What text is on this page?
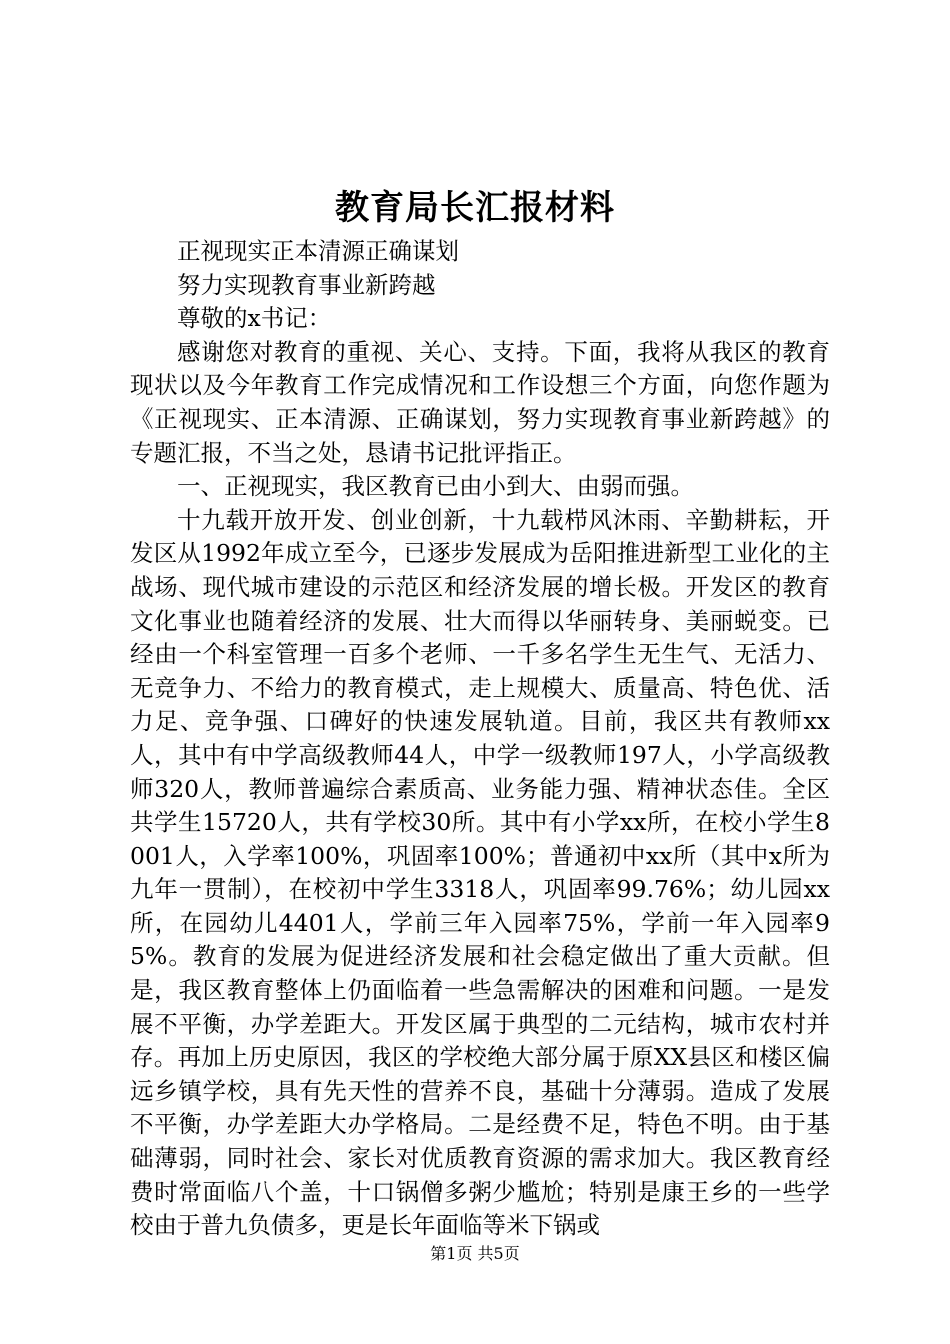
教育局长汇报材料

正视现实正本清源正确谋划

努力实现教育事业新跨越

尊敬的x书记：

感谢您对教育的重视、关心、支持。下面，我将从我区的教育现状以及今年教育工作完成情况和工作设想三个方面，向您作题为《正视现实、正本清源、正确谋划，努力实现教育事业新跨越》的专题汇报，不当之处，恳请书记批评指正。

一、正视现实，我区教育已由小到大、由弱而强。

十九载开放开发、创业创新，十九载栉风沐雨、辛勤耕耘，开发区从1992年成立至今，已逐步发展成为岳阳推进新型工业化的主战场、现代城市建设的示范区和经济发展的增长极。开发区的教育文化事业也随着经济的发展、壮大而得以华丽转身、美丽蜕变。已经由一个科室管理一百多个老师、一千多名学生无生气、无活力、无竞争力、不给力的教育模式，走上规模大、质量高、特色优、活力足、竞争强、口碑好的快速发展轨道。目前，我区共有教师xx人，其中有中学高级教师44人，中学一级教师197人，小学高级教师320人，教师普遍综合素质高、业务能力强、精神状态佳。全区共学生15720人，共有学校30所。其中有小学xx所，在校小学生8001人，入学率100%，巩固率100%；普通初中xx所（其中x所为九年一贯制），在校初中学生3318人，巩固率99.76%；幼儿园xx所，在园幼儿4401人，学前三年入园率75%，学前一年入园率95%。教育的发展为促进经济发展和社会稳定做出了重大贡献。但是，我区教育整体上仍面临着一些急需解决的困难和问题。一是发展不平衡，办学差距大。开发区属于典型的二元结构，城市农村并存。再加上历史原因，我区的学校绝大部分属于原XX县区和楼区偏远乡镇学校，具有先天性的营养不良，基础十分薄弱。造成了发展不平衡，办学差距大办学格局。二是经费不足，特色不明。由于基础薄弱，同时社会、家长对优质教育资源的需求加大。我区教育经费时常面临八个盖，十口锅僧多粥少尴尬；特别是康王乡的一些学校由于普九负债多，更是长年面临等米下锅或

第1页 共5页
